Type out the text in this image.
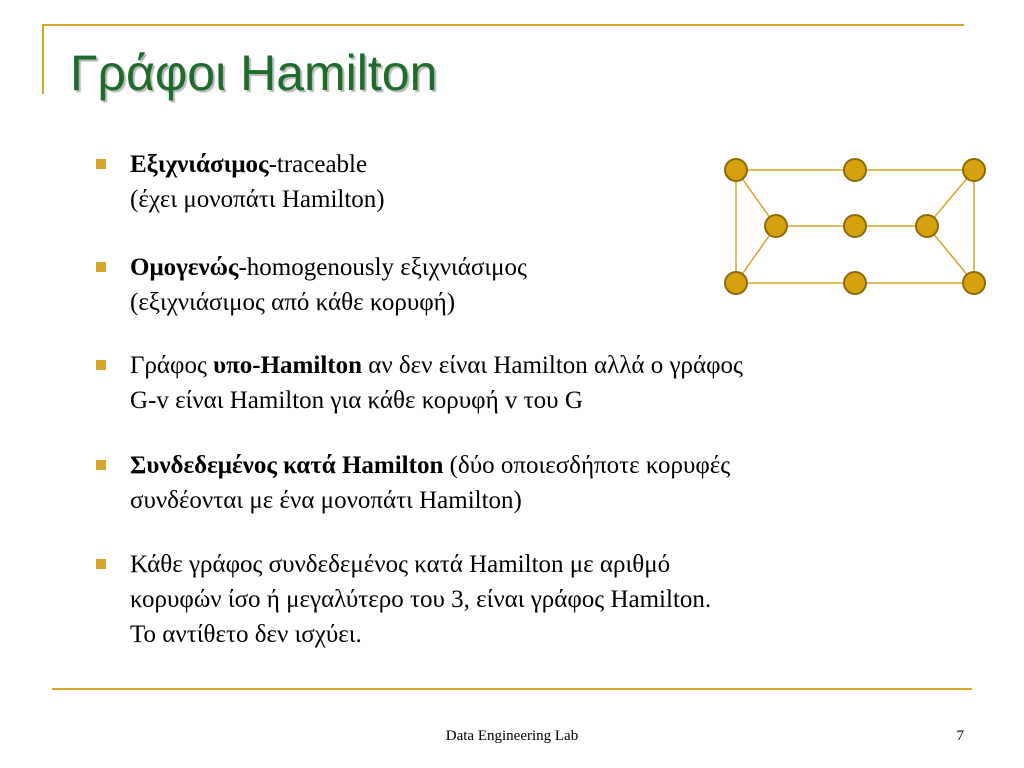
Γράφοι Hamilton
Εξιχνιάσιμος-traceable
(έχει μονοπάτι Hamilton)
Ομογενώς-homogenously εξιχνιάσιμος
(εξιχνιάσιμος από κάθε κορυφή)
Γράφος υπο-Hamilton αν δεν είναι Hamilton αλλά ο γράφος
G-v είναι Hamilton για κάθε κορυφή v του G
Συνδεδεμένος κατά Hamilton (δύο οποιεσδήποτε κορυφές
συνδέονται με ένα μονοπάτι Hamilton)
Κάθε γράφος συνδεδεμένος κατά Hamilton με αριθμό
κορυφών ίσο ή μεγαλύτερο του 3, είναι γράφος Hamilton.
Το αντίθετο δεν ισχύει.
Data Engineering Lab	7
